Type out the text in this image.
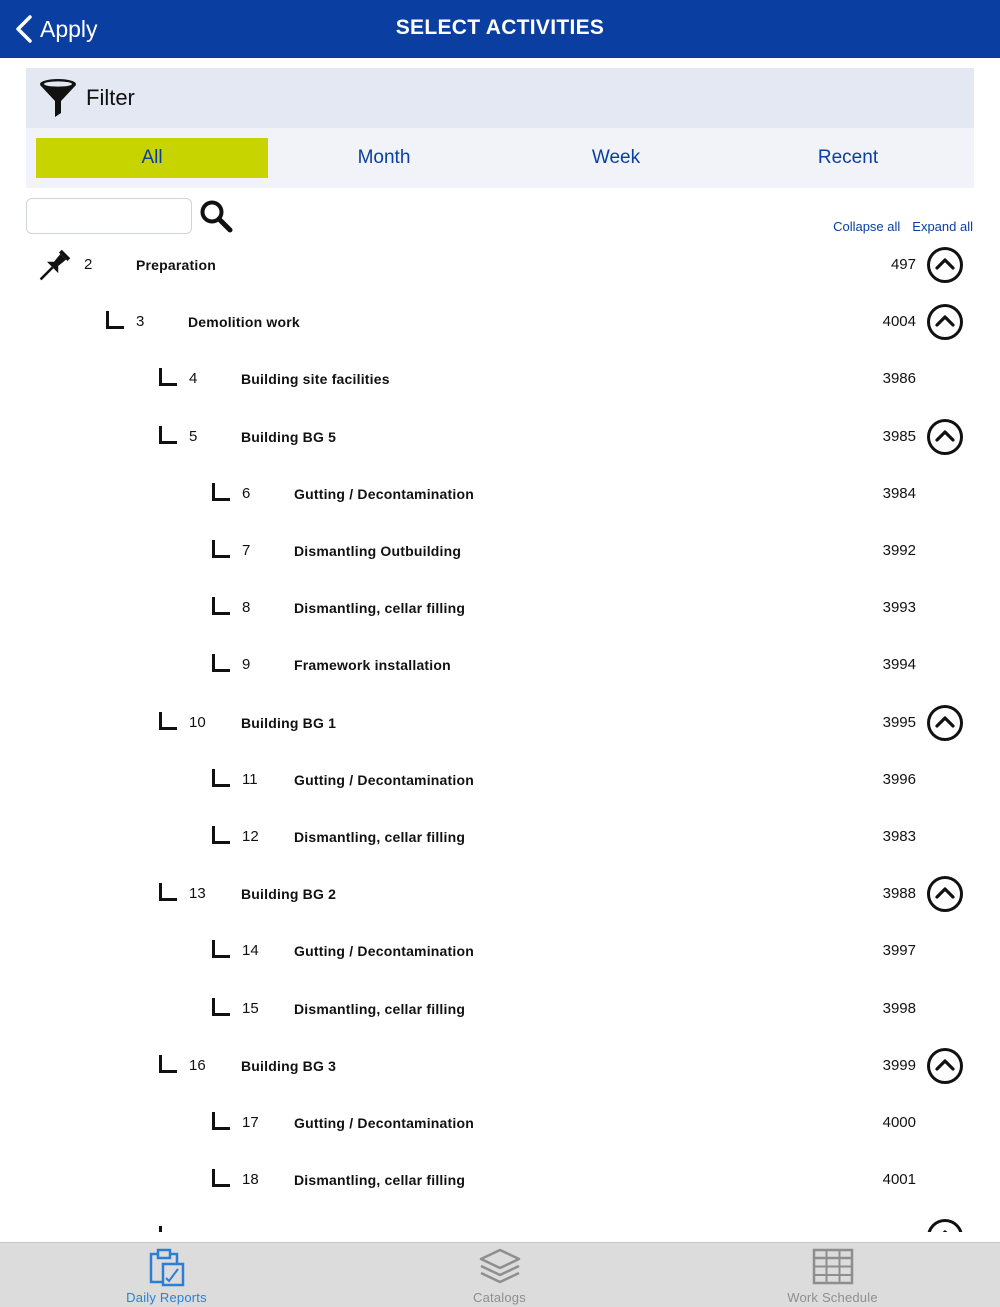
Apply	SELECT ACTIVITIES
Filter
All	Month	Week	Recent
Collapse all Expand all
2	Preparation	497
3	Demolition work	4004
4	Building site facilities	3986
5	Building BG 5	3985
6	Gutting / Decontamination	3984
7	Dismantling Outbuilding	3992
8	Dismantling, cellar filling	3993
9	Framework installation	3994
10	Building BG 1	3995
11	Gutting / Decontamination	3996
12	Dismantling, cellar filling	3983
13	Building BG 2	3988
14	Gutting / Decontamination	3997
15	Dismantling, cellar filling	3998
16	Building BG 3	3999
17	Gutting / Decontamination	4000
18	Dismantling, cellar filling	4001
Daily Reports	Catalogs	Work Schedule
